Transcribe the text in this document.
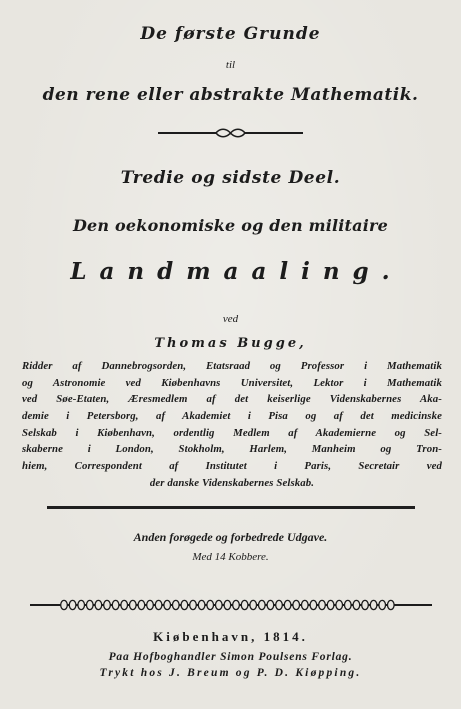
De første Grunde
til
den rene eller abstrakte Mathematik.
Tredie og sidste Deel.
Den oekonomiske og den militaire
Landmaaling.
ved
Thomas Bugge,
Ridder af Dannebrogsorden, Etatsraad og Professor i Mathematik
og Astronomie ved Kiøbenhavns Universitet, Lektor i Mathematik
ved Søe-Etaten, Æresmedlem af det keiserlige Videnskabernes Aka-
demie i Petersborg, af Akademiet i Pisa og af det medicinske
Selskab i Kiøbenhavn, ordentlig Medlem af Akademierne og Sel-
skaberne i London, Stokholm, Harlem, Manheim og Tron-
hiem, Correspondent af Institutet i Paris, Secretair ved
der danske Videnskabernes Selskab.
Anden forøgede og forbedrede Udgave.
Med 14 Kobbere.
Kiøbenhavn, 1814.
Paa Hofboghandler Simon Poulsens Forlag.
Trykt hos J. Breum og P. D. Kiøpping.
